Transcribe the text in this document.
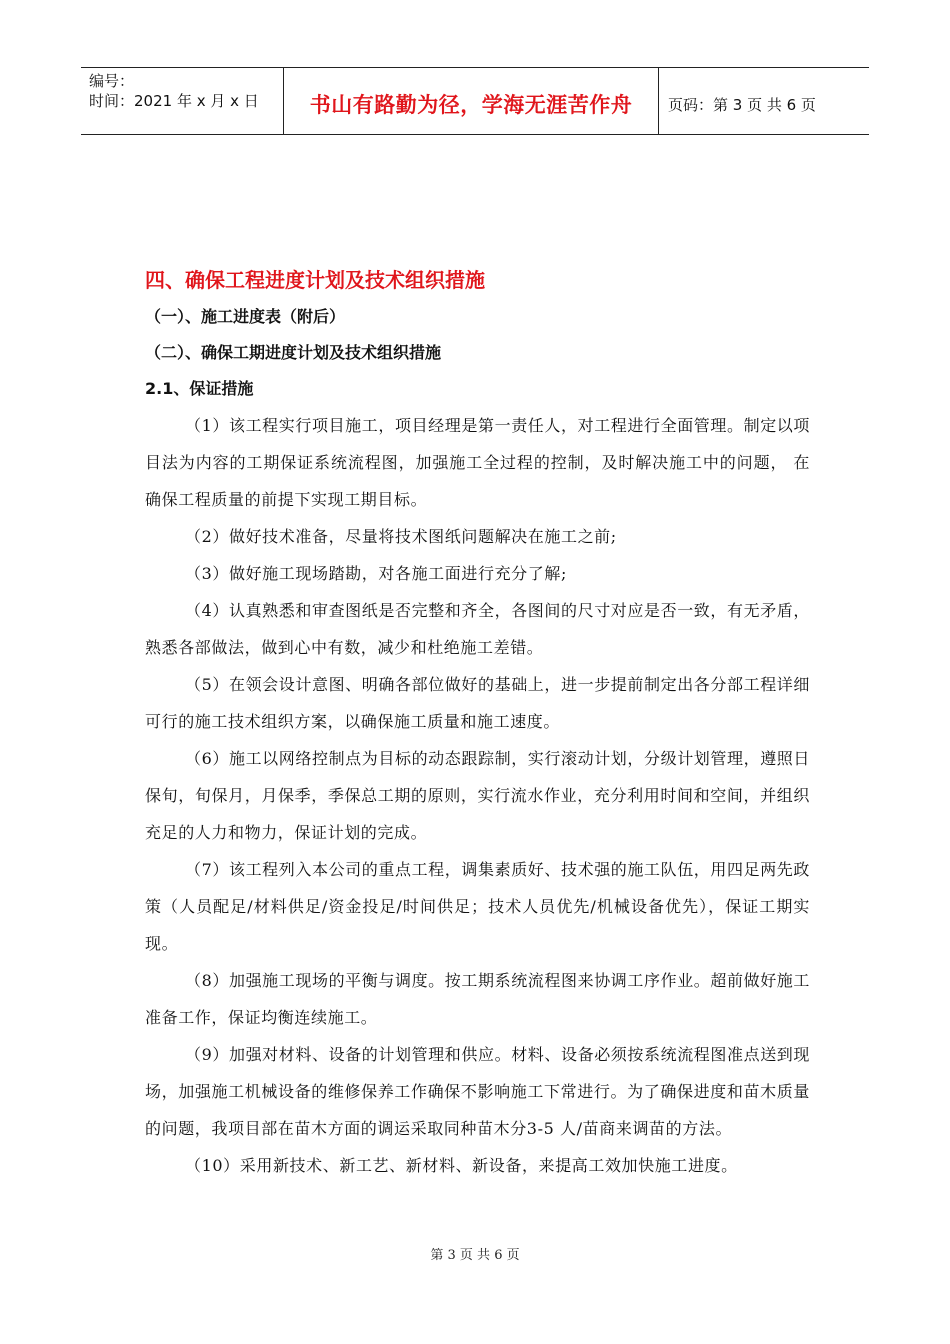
编号：
时间：2021 年 x 月 x 日	书山有路勤为径，学海无涯苦作舟	页码：第 3 页 共 6 页
四、确保工程进度计划及技术组织措施
（一）、施工进度表（附后）
（二）、确保工期进度计划及技术组织措施
2.1、保证措施

（1）该工程实行项目施工，项目经理是第一责任人，对工程进行全面管理。制定以项目法为内容的工期保证系统流程图，加强施工全过程的控制，及时解决施工中的问题， 在确保工程质量的前提下实现工期目标。

（2）做好技术准备，尽量将技术图纸问题解决在施工之前;

（3）做好施工现场踏勘，对各施工面进行充分了解;

（4）认真熟悉和审查图纸是否完整和齐全，各图间的尺寸对应是否一致，有无矛盾，熟悉各部做法，做到心中有数，减少和杜绝施工差错。

（5）在领会设计意图、明确各部位做好的基础上，进一步提前制定出各分部工程详细可行的施工技术组织方案，以确保施工质量和施工速度。

（6）施工以网络控制点为目标的动态跟踪制，实行滚动计划，分级计划管理，遵照日保旬，旬保月，月保季，季保总工期的原则，实行流水作业，充分利用时间和空间，并组织充足的人力和物力，保证计划的完成。

（7）该工程列入本公司的重点工程，调集素质好、技术强的施工队伍，用四足两先政策（人员配足/材料供足/资金投足/时间供足；技术人员优先/机械设备优先），保证工期实现。

（8）加强施工现场的平衡与调度。按工期系统流程图来协调工序作业。超前做好施工准备工作，保证均衡连续施工。

（9）加强对材料、设备的计划管理和供应。材料、设备必须按系统流程图准点送到现场，加强施工机械设备的维修保养工作确保不影响施工下常进行。为了确保进度和苗木质量的问题，我项目部在苗木方面的调运采取同种苗木分3-5 人/苗商来调苗的方法。

（10）采用新技术、新工艺、新材料、新设备，来提高工效加快施工进度。

第 3 页 共 6 页
